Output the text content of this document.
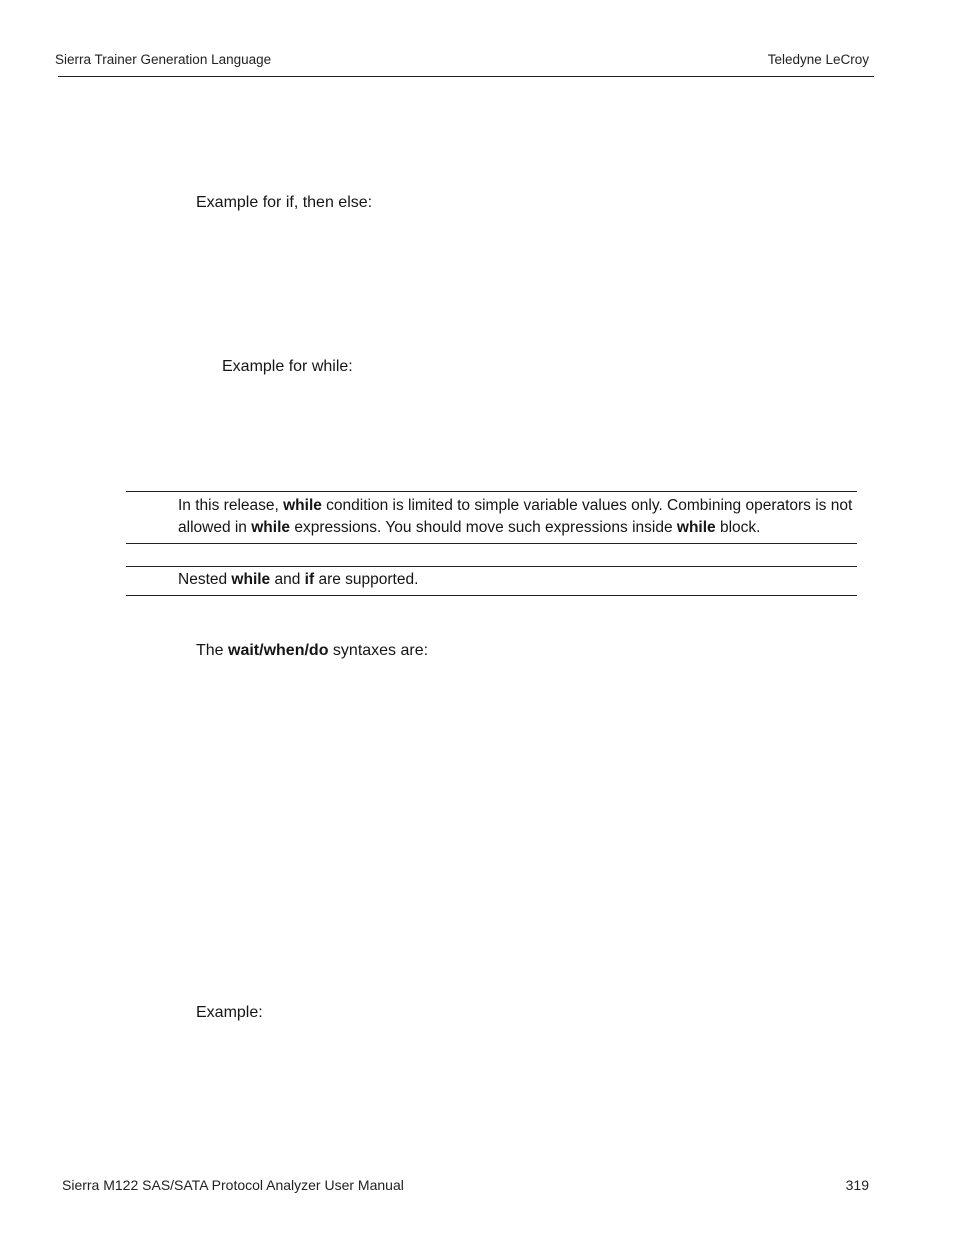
Sierra Trainer Generation Language	Teledyne LeCroy
Example for if, then else:
Example for while:
In this release, while condition is limited to simple variable values only. Combining operators is not allowed in while expressions. You should move such expressions inside while block.
Nested while and if are supported.
The wait/when/do syntaxes are:
Example:
Sierra M122 SAS/SATA Protocol Analyzer User Manual	319
